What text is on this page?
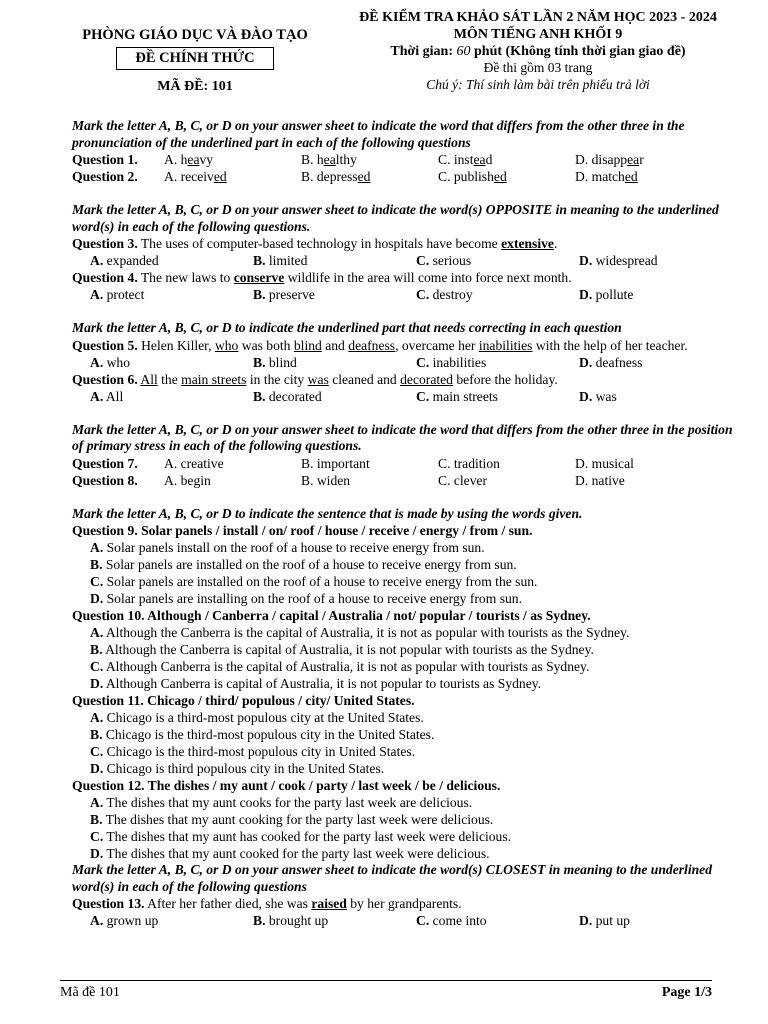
PHÒNG GIÁO DỤC VÀ ĐÀO TẠO
ĐỀ CHÍNH THỨC
MÃ ĐỀ: 101
ĐỀ KIỂM TRA KHẢO SÁT LẦN 2 NĂM HỌC 2023 - 2024
MÔN TIẾNG ANH KHỐI 9
Thời gian: 60 phút (Không tính thời gian giao đề)
Đề thi gồm 03 trang
Chú ý: Thí sinh làm bài trên phiếu trả lời
Mark the letter A, B, C, or D on your answer sheet to indicate the word that differs from the other three in the pronunciation of the underlined part in each of the following questions
Question 1.	A. heavy	B. healthy	C. instead	D. disappear
Question 2.	A. received	B. depressed	C. published	D. matched
Mark the letter A, B, C, or D on your answer sheet to indicate the word(s) OPPOSITE in meaning to the underlined word(s) in each of the following questions.
Question 3. The uses of computer-based technology in hospitals have become extensive.
A. expanded	B. limited	C. serious	D. widespread
Question 4. The new laws to conserve wildlife in the area will come into force next month.
A. protect	B. preserve	C. destroy	D. pollute
Mark the letter A, B, C, or D to indicate the underlined part that needs correcting in each question
Question 5. Helen Killer, who was both blind and deafness, overcame her inabilities with the help of her teacher.
A. who	B. blind	C. inabilities	D. deafness
Question 6. All the main streets in the city was cleaned and decorated before the holiday.
A. All	B. decorated	C. main streets	D. was
Mark the letter A, B, C, or D on your answer sheet to indicate the word that differs from the other three in the position of primary stress in each of the following questions.
Question 7.	A. creative	B. important	C. tradition	D. musical
Question 8.	A. begin	B. widen	C. clever	D. native
Mark the letter A, B, C, or D to indicate the sentence that is made by using the words given.
Question 9. Solar panels / install / on/ roof / house / receive / energy / from / sun.
A. Solar panels install on the roof of a house to receive energy from sun.
B. Solar panels are installed on the roof of a house to receive energy from sun.
C. Solar panels are installed on the roof of a house to receive energy from the sun.
D. Solar panels are installing on the roof of a house to receive energy from sun.
Question 10. Although / Canberra / capital / Australia / not/ popular / tourists / as Sydney.
A. Although the Canberra is the capital of Australia, it is not as popular with tourists as the Sydney.
B. Although the Canberra is capital of Australia, it is not popular with tourists as the Sydney.
C. Although Canberra is the capital of Australia, it is not as popular with tourists as Sydney.
D. Although Canberra is capital of Australia, it is not popular to tourists as Sydney.
Question 11. Chicago / third/ populous / city/ United States.
A. Chicago is a third-most populous city at the United States.
B. Chicago is the third-most populous city in the United States.
C. Chicago is the third-most populous city in United States.
D. Chicago is third populous city in the United States.
Question 12. The dishes / my aunt / cook / party / last week / be / delicious.
A. The dishes that my aunt cooks for the party last week are delicious.
B. The dishes that my aunt cooking for the party last week were delicious.
C. The dishes that my aunt has cooked for the party last week were delicious.
D. The dishes that my aunt cooked for the party last week were delicious.
Mark the letter A, B, C, or D on your answer sheet to indicate the word(s) CLOSEST in meaning to the underlined word(s) in each of the following questions
Question 13. After her father died, she was raised by her grandparents.
A. grown up	B. brought up	C. come into	D. put up
Mã đề 101	Page 1/3
